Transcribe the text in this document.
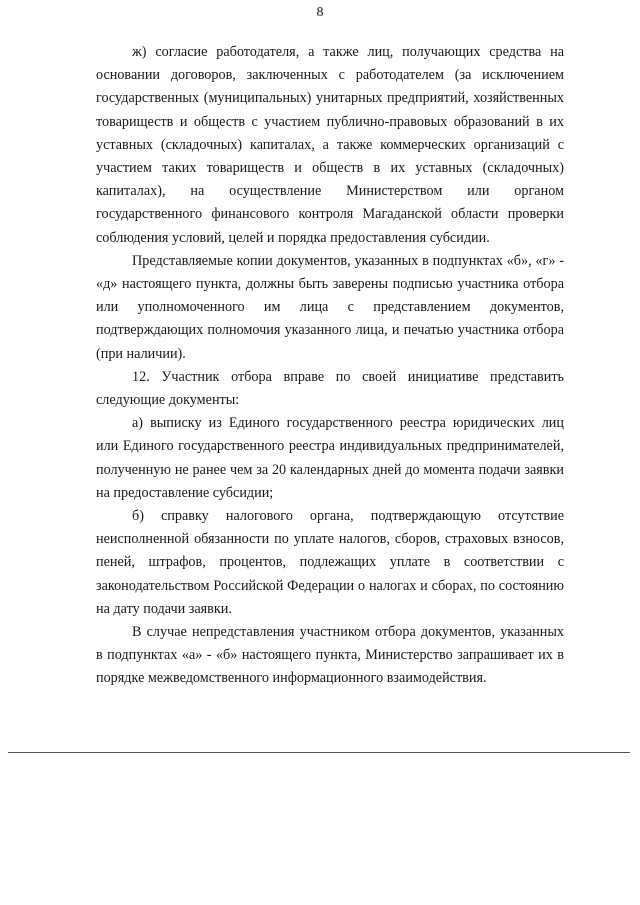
8

ж) согласие работодателя, а также лиц, получающих средства на основании договоров, заключенных с работодателем (за исключением государственных (муниципальных) унитарных предприятий, хозяйственных товариществ и обществ с участием публично-правовых образований в их уставных (складочных) капиталах, а также коммерческих организаций с участием таких товариществ и обществ в их уставных (складочных) капиталах), на осуществление Министерством или органом государственного финансового контроля Магаданской области проверки соблюдения условий, целей и порядка предоставления субсидии.

Представляемые копии документов, указанных в подпунктах «б», «г» - «д» настоящего пункта, должны быть заверены подписью участника отбора или уполномоченного им лица с представлением документов, подтверждающих полномочия указанного лица, и печатью участника отбора (при наличии).

12. Участник отбора вправе по своей инициативе представить следующие документы:

а) выписку из Единого государственного реестра юридических лиц или Единого государственного реестра индивидуальных предпринимателей, полученную не ранее чем за 20 календарных дней до момента подачи заявки на предоставление субсидии;

б) справку налогового органа, подтверждающую отсутствие неисполненной обязанности по уплате налогов, сборов, страховых взносов, пеней, штрафов, процентов, подлежащих уплате в соответствии с законодательством Российской Федерации о налогах и сборах, по состоянию на дату подачи заявки.

В случае непредставления участником отбора документов, указанных в подпунктах «а» - «б» настоящего пункта, Министерство запрашивает их в порядке межведомственного информационного взаимодействия.
